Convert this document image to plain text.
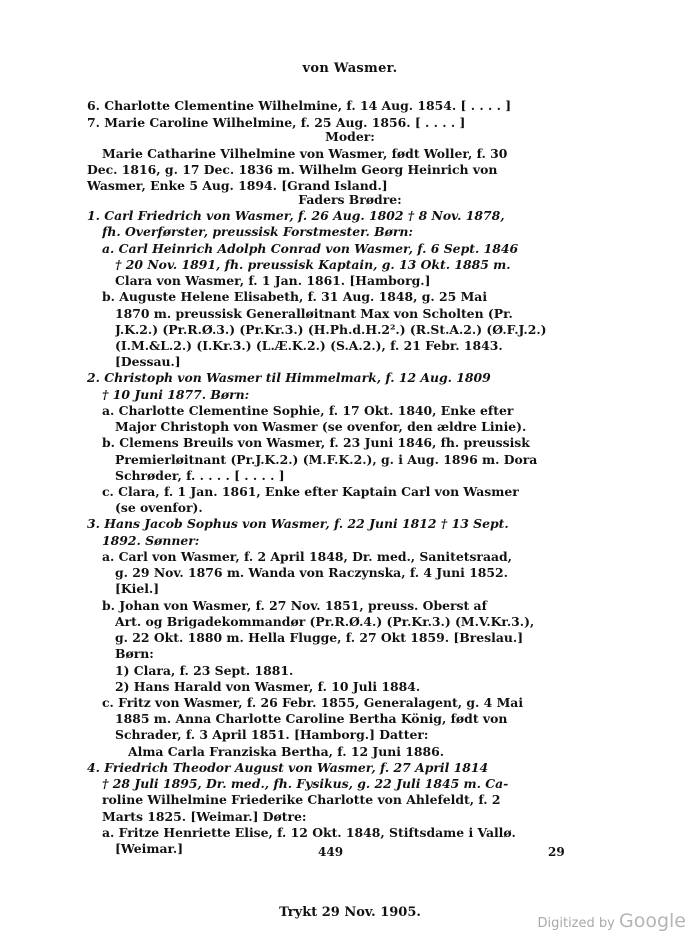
von Wasmer.
6. Charlotte Clementine Wilhelmine, f. 14 Aug. 1854. [ . . . . ]
7. Marie Caroline Wilhelmine, f. 25 Aug. 1856. [ . . . . ]
Moder:
Marie Catharine Vilhelmine von Wasmer, født Woller, f. 30
Dec. 1816, g. 17 Dec. 1836 m. Wilhelm Georg Heinrich von
Wasmer, Enke 5 Aug. 1894. [Grand Island.]
Faders Brødre:
1. Carl Friedrich von Wasmer, f. 26 Aug. 1802 † 8 Nov. 1878,
fh. Overførster, preussisk Forstmester. Børn:
a. Carl Heinrich Adolph Conrad von Wasmer, f. 6 Sept. 1846
† 20 Nov. 1891, fh. preussisk Kaptain, g. 13 Okt. 1885 m.
Clara von Wasmer, f. 1 Jan. 1861. [Hamborg.]
b. Auguste Helene Elisabeth, f. 31 Aug. 1848, g. 25 Mai
1870 m. preussisk Generalløitnant Max von Scholten (Pr.
J.K.2.) (Pr.R.Ø.3.) (Pr.Kr.3.) (H.Ph.d.H.2².) (R.St.A.2.) (Ø.F.J.2.)
(I.M.&L.2.) (I.Kr.3.) (L.Æ.K.2.) (S.A.2.), f. 21 Febr. 1843.
[Dessau.]
2. Christoph von Wasmer til Himmelmark, f. 12 Aug. 1809
† 10 Juni 1877. Børn:
a. Charlotte Clementine Sophie, f. 17 Okt. 1840, Enke efter
Major Christoph von Wasmer (se ovenfor, den ældre Linie).
b. Clemens Breuils von Wasmer, f. 23 Juni 1846, fh. preussisk
Premierløitnant (Pr.J.K.2.) (M.F.K.2.), g. i Aug. 1896 m. Dora
Schrøder, f. . . . . [ . . . . ]
c. Clara, f. 1 Jan. 1861, Enke efter Kaptain Carl von Wasmer
(se ovenfor).
3. Hans Jacob Sophus von Wasmer, f. 22 Juni 1812 † 13 Sept.
1892. Sønner:
a. Carl von Wasmer, f. 2 April 1848, Dr. med., Sanitetsraad,
g. 29 Nov. 1876 m. Wanda von Raczynska, f. 4 Juni 1852.
[Kiel.]
b. Johan von Wasmer, f. 27 Nov. 1851, preuss. Oberst af
Art. og Brigadekommandør (Pr.R.Ø.4.) (Pr.Kr.3.) (M.V.Kr.3.),
g. 22 Okt. 1880 m. Hella Flugge, f. 27 Okt 1859. [Breslau.]
Børn:
1) Clara, f. 23 Sept. 1881.
2) Hans Harald von Wasmer, f. 10 Juli 1884.
c. Fritz von Wasmer, f. 26 Febr. 1855, Generalagent, g. 4 Mai
1885 m. Anna Charlotte Caroline Bertha König, født von
Schrader, f. 3 April 1851. [Hamborg.] Datter:
Alma Carla Franziska Bertha, f. 12 Juni 1886.
4. Friedrich Theodor August von Wasmer, f. 27 April 1814
† 28 Juli 1895, Dr. med., fh. Fysikus, g. 22 Juli 1845 m. Ca-
roline Wilhelmine Friederike Charlotte von Ahlefeldt, f. 2
Marts 1825. [Weimar.] Døtre:
a. Fritze Henriette Elise, f. 12 Okt. 1848, Stiftsdame i Vallø.
[Weimar.]	449	29
Trykt 29 Nov. 1905.
Digitized by Google
